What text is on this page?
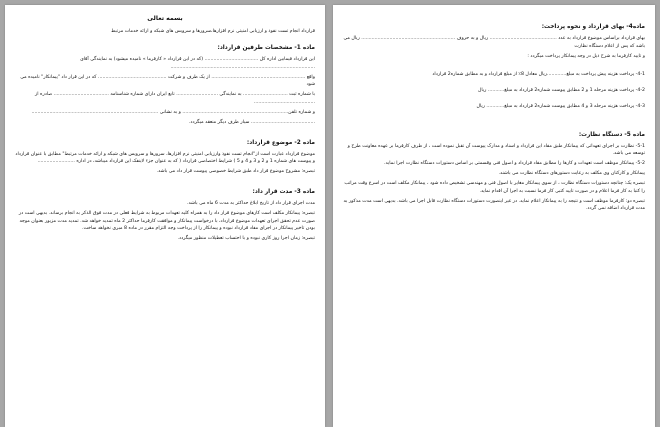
بسمه تعالی
قرارداد انجام تست نفوذ و ارزیابی امنیتی نرم افزارها،سرورها و سرویس های شبکه و ارائه خدمات مرتبط
ماده 1- مشخصات طرفین قرارداد:
این قرارداد فیمابین اداره کل .................................... (که در این قرارداد « کارفرما » نامیده میشود) به نمایندگی آقای .................................................................................................
واقع ............................................................... از یک طرف و شرکت .............................................. که در این قرار داد "پیمانکار" نامیده می شود
با شماره ثبت .............................. به نمایندگی ............................ تابع ایران دارای شماره شناسنامه ..................................... صادره از .........................................
و شماره تلفن....................................................................... و به نشانی .....................................................................................
........................................... سیار طرف دیگر منعقد میگردد.
ماده 2- موضوع قرارداد:
موضوع قرارداد عبارت است از"انجام تست نفوذ وارزیابی امنیتی نرم افزارها، سرورها و سرویس های شبکه و ارائه خدمات مرتبط" مطابق با عنوان قرارداد و پیوست های شماره 1 و 2 و 3 و 4 و 5 ) شرایط اختصاصی قرارداد ( که به عنوان جزء لاینفک این قرارداد میباشد، در اداره .........................
تبصره: مشروح موضوع قرار داد طبق شرایط خصوصی پیوست قرار داد می باشد.
ماده 3- مدت قرار داد:
مدت اجرای قرار داد از تاریخ ابلاغ حداکثر به مدت 6 ماه می باشد.
تبصره: پیمانکار مکلف است کارهای موضوع قرار داد را به همراه کلیه تعهدات مربوط به شرایط فعلی در مدت فوق الذکر به انجام برساند. بدیهی است در صورت عدم تحقق اجرای تعهدات موضوع قرارداد، با درخواست پیمانکار و موافقت کارفرما حداکثر 2 ماه تمدید خواهد شد. تمدید مدت مزبور بعنوان موجه بودن تاخیر پیمانکار در اجرای مفاد قرارداد نبوده و پیمانکار را از پرداخت وجه التزام مقرر در ماده 8 مبری نخواهد ساخت.
تبصره: زمان اجرا روز کاری نبوده و با احتساب تعطیلات منظور میگردد.
ماده4- بهای قرارداد و نحوه پرداخت:
بهای قرارداد براساس موضوع قرارداد به عدد ............................................. ریال و به حروف ............................................................... ریال می باشد که پس از اعلام دستگاه نظارت
و تایید کارفرما به شرح ذیل در وجه پیمانکار پرداخت میگردد :
4-1- پرداخت هزینه پیش پرداخت به مبلغ.............ریال معادل 8٪ از مبلغ قرارداد و به مطابق شماره2 قرارداد
4-2- پرداخت هزینه مرحله 1 و 2 مطابق پیوست شماره2 قرارداد به مبلغ........... ریال
4-3- پرداخت هزینه مرحله 3 و 4 مطابق پیوست شماره2 قرارداد به مبلغ............ ریال
ماده 5- دستگاه نظارت:
5-1- نظارت بر اجرای تعهداتی که پیمانکار طبق مفاد این قرارداد و اسناد و مدارک پیوست آن تقبل نموده است ، از طرف کارفرما بر عهده معاونت طرح و توسعه می باشد.
5-2- پیمانکار موظف است تعهدات و کارها را مطابق مفاد قرارداد و اصول فنی وقسمتی بر اساس دستورات دستگاه نظارت اجرا نماید.
پیمانکار و کارکنان وی مکلف به رعایت دستورهای دستگاه نظارت می باشند.
تبصره یک: چنانچه دستورات دستگاه نظارت ، از سوی پیمانکار مغایر با اصول فنی و مهندسی تشخیص داده شود ، پیمانکار مکلف است در اسرع وقت مراتب را کتبا به کار فرما اعلام و در صورت تایید کتبی کار فرما نسبت به اجرا آن اقدام نماید.
تبصره دو: کارفرما موظف است و نتیجه را به پیمانکار اعلام نماید. در غیر اینصورت دستورات دستگاه نظارت قابل اجرا می باشد. بدیهی است مدت مذکور به مدت قرارداد اضافه نمی گردد.
